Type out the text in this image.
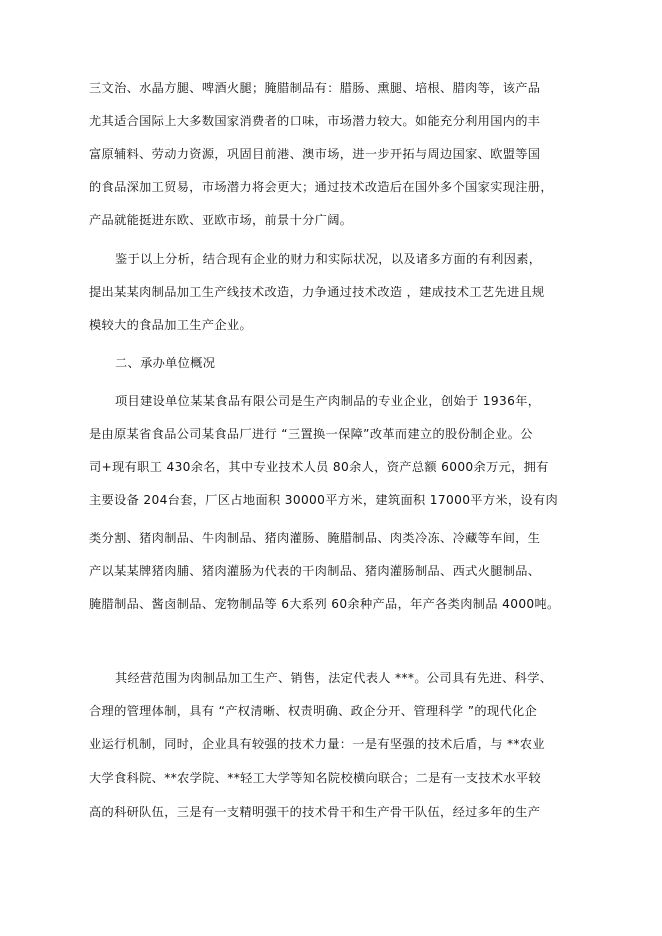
三文治、水晶方腿、啤酒火腿；腌腊制品有：腊肠、熏腿、培根、腊肉等，该产品
尤其适合国际上大多数国家消费者的口味，市场潜力较大。如能充分利用国内的丰
富原辅料、劳动力资源，巩固目前港、澳市场，进一步开拓与周边国家、欧盟等国
的食品深加工贸易，市场潜力将会更大；通过技术改造后在国外多个国家实现注册，
产品就能挺进东欧、亚欧市场，前景十分广阔。
鉴于以上分析，结合现有企业的财力和实际状况，以及诸多方面的有利因素，
提出某某肉制品加工生产线技术改造，力争通过技术改造 ，建成技术工艺先进且规
模较大的食品加工生产企业。
二、承办单位概况
项目建设单位某某食品有限公司是生产肉制品的专业企业，创始于 1936年，
是由原某省食品公司某食品厂进行 “三置换一保障”改革而建立的股份制企业。公
司+现有职工 430余名，其中专业技术人员 80余人，资产总额 6000余万元，拥有
主要设备 204台套，厂区占地面积 30000平方米，建筑面积 17000平方米，设有肉
类分割、猪肉制品、牛肉制品、猪肉灌肠、腌腊制品、肉类冷冻、冷藏等车间，生
产以某某牌猪肉脯、猪肉灌肠为代表的干肉制品、猪肉灌肠制品、西式火腿制品、
腌腊制品、酱卤制品、宠物制品等 6大系列 60余种产品，年产各类肉制品 4000吨。
其经营范围为肉制品加工生产、销售，法定代表人 ***。公司具有先进、科学、
合理的管理体制，具有 “产权清晰、权责明确、政企分开、管理科学 ”的现代化企
业运行机制，同时，企业具有较强的技术力量：一是有坚强的技术后盾，与 **农业
大学食科院、**农学院、**轻工大学等知名院校横向联合；二是有一支技术水平较
高的科研队伍，三是有一支精明强干的技术骨干和生产骨干队伍，经过多年的生产
